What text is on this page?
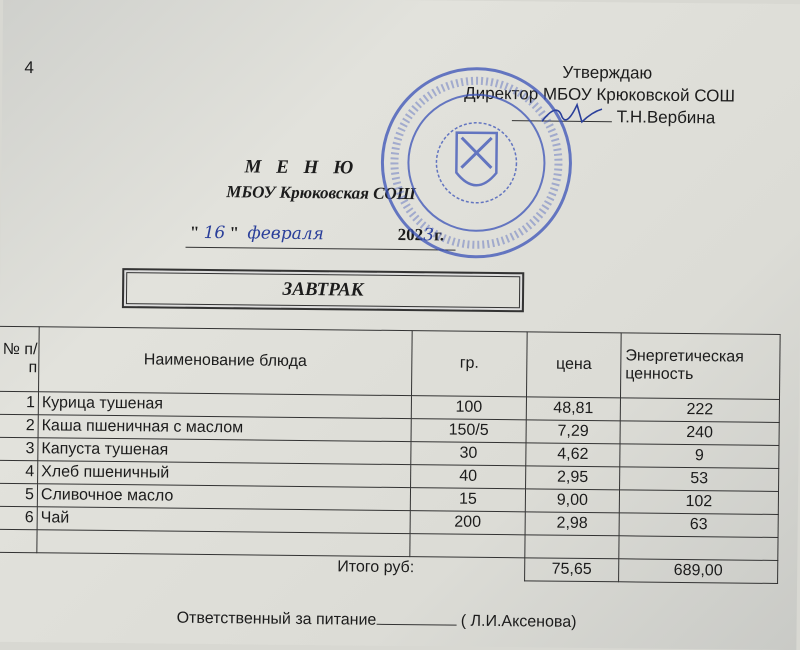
4	Утверждаю
Директор МБОУ Крюковской СОШ
Т.Н.Вербина
М Е Н Ю
МБОУ Крюковская СОШ
" 16 "  февраля	2023г.
ЗАВТРАК
№ п/п	Наименование блюда	гр.	цена	Энергетическая ценность
1	Курица тушеная	100	48,81	222
2	Каша пшеничная с маслом	150/5	7,29	240
3	Капуста тушеная	30	4,62	9
4	Хлеб пшеничный	40	2,95	53
5	Сливочное масло	15	9,00	102
6	Чай	200	2,98	63

	Итого руб:		75,65	689,00
Ответственный за питание	( Л.И.Аксенова)
